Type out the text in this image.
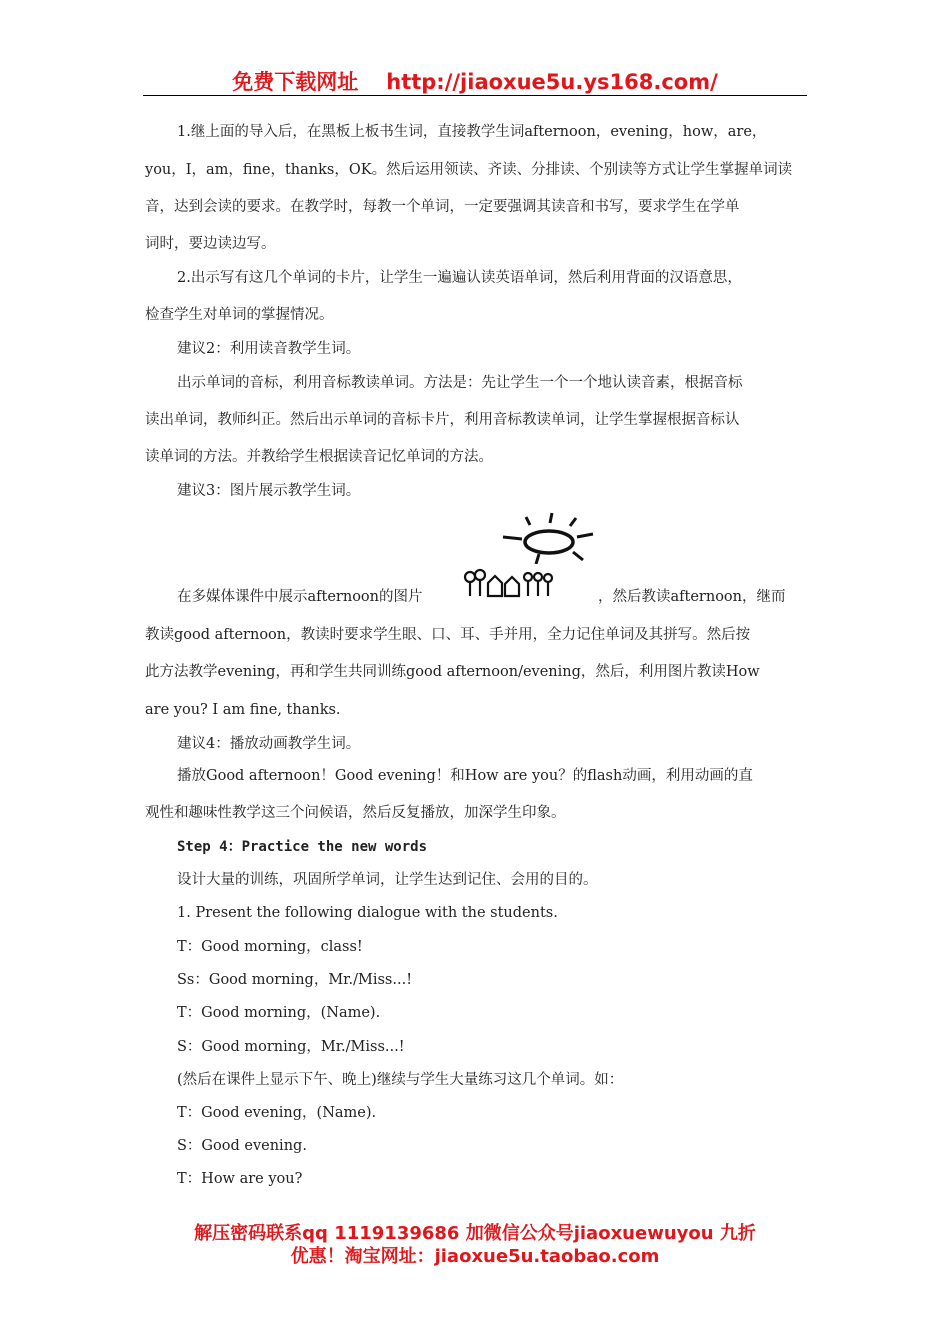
免费下载网址 http://jiaoxue5u.ys168.com/
1.继上面的导入后，在黑板上板书生词，直接教学生词afternoon，evening，how，are，
you，I，am，fine，thanks，OK。然后运用领读、齐读、分排读、个别读等方式让学生掌握单词读
音，达到会读的要求。在教学时，每教一个单词，一定要强调其读音和书写，要求学生在学单
词时，要边读边写。
2.出示写有这几个单词的卡片，让学生一遍遍认读英语单词，然后利用背面的汉语意思，
检查学生对单词的掌握情况。
建议2：利用读音教学生词。
出示单词的音标，利用音标教读单词。方法是：先让学生一个一个地认读音素，根据音标
读出单词，教师纠正。然后出示单词的音标卡片，利用音标教读单词，让学生掌握根据音标认
读单词的方法。并教给学生根据读音记忆单词的方法。
建议3：图片展示教学生词。
在多媒体课件中展示afternoon的图片	，然后教读afternoon，继而
教读good afternoon，教读时要求学生眼、口、耳、手并用，全力记住单词及其拼写。然后按
此方法教学evening，再和学生共同训练good afternoon/evening，然后，利用图片教读How
are you? I am fine, thanks.
建议4：播放动画教学生词。
播放Good afternoon！Good evening！和How are you？的flash动画，利用动画的直
观性和趣味性教学这三个问候语，然后反复播放，加深学生印象。
Step 4：Practice the new words
设计大量的训练，巩固所学单词，让学生达到记住、会用的目的。
1. Present the following dialogue with the students.
T：Good morning，class!
Ss：Good morning，Mr./Miss...!
T：Good morning，(Name).
S：Good morning，Mr./Miss...!
(然后在课件上显示下午、晚上)继续与学生大量练习这几个单词。如：
T：Good evening，(Name).
S：Good evening.
T：How are you?
解压密码联系qq 1119139686 加微信公众号jiaoxuewuyou 九折
优惠！淘宝网址：jiaoxue5u.taobao.com
